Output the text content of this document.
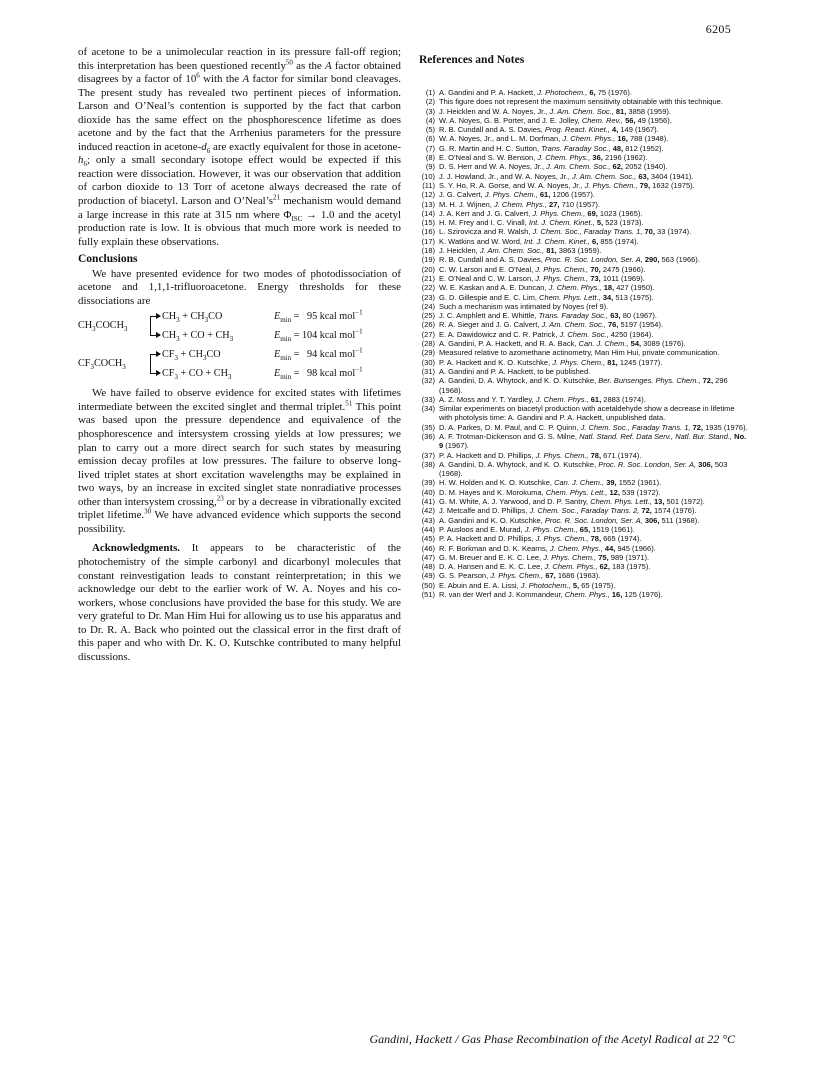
6205

of acetone to be a unimolecular reaction in its pressure fall-off region; this interpretation has been questioned recently$^{50}$ as the A factor obtained disagrees by a factor of $10^6$ with the A factor for similar bond cleavages. The present study has revealed two pertinent pieces of information. Larson and O’Neal’s contention is supported by the fact that carbon dioxide has the same effect on the phosphorescence lifetime as does acetone and by the fact that the Arrhenius parameters for the pressure induced reaction in acetone-$d_6$ are exactly equivalent for those in acetone-$h_6$; only a small secondary isotope effect would be expected if this reaction were dissociation. However, it was our observation that addition of carbon dioxide to 13 Torr of acetone always decreased the rate of production of biacetyl. Larson and $O’Neal’s^{21}$ mechanism would demand a large increase in this rate at 315 nm where $\Phi_{ISC} \to 1.0$ and the acetyl production rate is low. It is obvious that much more work is needed to fully explain these observations.

Conclusions

We have presented evidence for two modes of photodissociation of acetone and 1,1,1-trifluoroacetone. Energy thresholds for these dissociations are

$CH_3COCH_3$
$CH_3 + CH_3CO$	$E_{min} = 95$ kcal mol$^{-1}$
$CH_3$ + CO + $CH_3$	$E_{min} = 104$ kcal mol$^{-1}$
$CF_3COCH_3$
$CF_3 + CH_3CO$	$E_{min} = 94$ kcal mol$^{-1}$
$CF_3$ + CO + $CH_3$	$E_{min} = 98$ kcal mol$^{-1}$

We have failed to observe evidence for excited states with lifetimes intermediate between the excited singlet and thermal triplet.$^{51}$ This point was based upon the pressure dependence and equivalence of the phosphorescence and intersystem crossing yields at low pressures; we plan to carry out a more direct search for such states by measuring emission decay profiles at low pressures. The failure to observe long-lived triplet states at short excitation wavelengths may be explained in two ways, by an increase in excited singlet state nonradiative processes other than intersystem crossing,$^{23}$ or by a decrease in vibrationally excited triplet lifetime.$^{30}$ We have advanced evidence which supports the second possibility.

Acknowledgments. It appears to be characteristic of the photochemistry of the simple carbonyl and dicarbonyl molecules that constant reinvestigation leads to constant reinterpretation; in this we acknowledge our debt to the earlier work of W. A. Noyes and his co-workers, whose conclusions have provided the base for this study. We are very grateful to Dr. Man Him Hui for allowing us to use his apparatus and to Dr. R. A. Back who pointed out the classical error in the first draft of this paper and who with Dr. K. O. Kutschke contributed to many helpful discussions.

References and Notes
(1) A. Gandini and P. A. Hackett, J. Photochem., 6, 75 (1976).
(2) This figure does not represent the maximum sensitivity obtainable with this technique.
(3) J. Heicklen and W. A. Noyes, Jr., J. Am. Chem. Soc., 81, 3858 (1959).
(4) W. A. Noyes, G. B. Porter, and J. E. Jolley, Chem. Rev., 56, 49 (1956).
(5) R. B. Cundall and A. S. Davies, Prog. React. Kinet., 4, 149 (1967).
(6) W. A. Noyes, Jr., and L. M. Dorfman, J. Chem. Phys., 16, 788 (1948).
(7) G. R. Martin and H. C. Sutton, Trans. Faraday Soc., 48, 812 (1952).
(8) E. O’Neal and S. W. Benson, J. Chem. Phys., 36, 2196 (1962).
(9) D. S. Herr and W. A. Noyes, Jr., J. Am. Chem. Soc., 62, 2052 (1940).
(10) J. J. Howland, Jr., and W. A. Noyes, Jr., J. Am. Chem. Soc., 63, 3404 (1941).
(11) S. Y. Ho, R. A. Gorse, and W. A. Noyes, Jr., J. Phys. Chem., 79, 1632 (1975).
(12) J. G. Calvert, J. Phys. Chem., 61, 1206 (1957).
(13) M. H. J. Wijnen, J. Chem. Phys., 27, 710 (1957).
(14) J. A. Kerr and J. G. Calvert, J. Phys. Chem., 69, 1023 (1965).
(15) H. M. Frey and I. C. Vinall, Int. J. Chem. Kinet., 5, 523 (1973).
(16) L. Szirovicza and R. Walsh, J. Chem. Soc., Faraday Trans. 1, 70, 33 (1974).
(17) K. Watkins and W. Word, Int. J. Chem. Kinet., 6, 855 (1974).
(18) J. Heicklen, J. Am. Chem. Soc., 81, 3863 (1959).
(19) R. B. Cundall and A. S. Davies, Proc. R. Soc. London, Ser. A, 290, 563 (1966).
(20) C. W. Larson and E. O’Neal, J. Phys. Chem., 70, 2475 (1966).
(21) E. O’Neal and C. W. Larson, J. Phys. Chem., 73, 1011 (1969).
(22) W. E. Kaskan and A. E. Duncan, J. Chem. Phys., 18, 427 (1950).
(23) G. D. Gillespie and E. C. Lim, Chem. Phys. Lett., 34, 513 (1975).
(24) Such a mechanism was intimated by Noyes (ref 9).
(25) J. C. Amphlett and E. Whittle, Trans. Faraday Soc., 63, 80 (1967).
(26) R. A. Sieger and J. G. Calvert, J. Am. Chem. Soc., 76, 5197 (1954).
(27) E. A. Dawidowicz and C. R. Patrick, J. Chem. Soc., 4250 (1964).
(28) A. Gandini, P. A. Hackett, and R. A. Back, Can. J. Chem., 54, 3089 (1976).
(29) Measured relative to azomethane actinometry, Man Him Hui, private communication.
(30) P. A. Hackett and K. O. Kutschke, J. Phys. Chem., 81, 1245 (1977).
(31) A. Gandini and P. A. Hackett, to be published.
(32) A. Gandini, D. A. Whytock, and K. O. Kutschke, Ber. Bunsenges. Phys. Chem., 72, 296 (1968).
(33) A. Z. Moss and Y. T. Yardley, J. Chem. Phys., 61, 2883 (1974).
(34) Similar experiments on biacetyl production with acetaldehyde show a decrease in lifetime with photolysis time: A. Gandini and P. A. Hackett, unpublished data.
(35) D. A. Parkes, D. M. Paul, and C. P. Quinn, J. Chem. Soc., Faraday Trans. 1, 72, 1935 (1976).
(36) A. F. Trotman-Dickenson and G. S. Milne, Natl. Stand. Ref. Data Serv., Natl. Bur. Stand., No. 9 (1967).
(37) P. A. Hackett and D. Phillips, J. Phys. Chem., 78, 671 (1974).
(38) A. Gandini, D. A. Whytock, and K. O. Kutschke, Proc. R. Soc. London, Ser. A, 306, 503 (1968).
(39) H. W. Holden and K. O. Kutschke, Can. J. Chem., 39, 1552 (1961).
(40) D. M. Hayes and K. Morokuma, Chem. Phys. Lett., 12, 539 (1972).
(41) G. M. White, A. J. Yarwood, and D. P. Santry, Chem. Phys. Lett., 13, 501 (1972).
(42) J. Metcalfe and D. Phillips, J. Chem. Soc., Faraday Trans. 2, 72, 1574 (1976).
(43) A. Gandini and K. O. Kutschke, Proc. R. Soc. London, Ser. A, 306, 511 (1968).
(44) P. Ausloos and E. Murad, J. Phys. Chem., 65, 1519 (1961).
(45) P. A. Hackett and D. Phillips, J. Phys. Chem., 78, 665 (1974).
(46) R. F. Borkman and D. K. Kearns, J. Chem. Phys., 44, 945 (1966).
(47) G. M. Breuer and E. K. C. Lee, J. Phys. Chem., 75, 989 (1971).
(48) D. A. Hansen and E. K. C. Lee, J. Chem. Phys., 62, 183 (1975).
(49) G. S. Pearson, J. Phys. Chem., 67, 1686 (1963).
(50) E. Abuin and E. A. Lissi, J. Photochem., 5, 65 (1975).
(51) R. van der Werf and J. Kommandeur, Chem. Phys., 16, 125 (1976).
Gandini, Hackett / Gas Phase Recombination of the Acetyl Radical at 22 °C
